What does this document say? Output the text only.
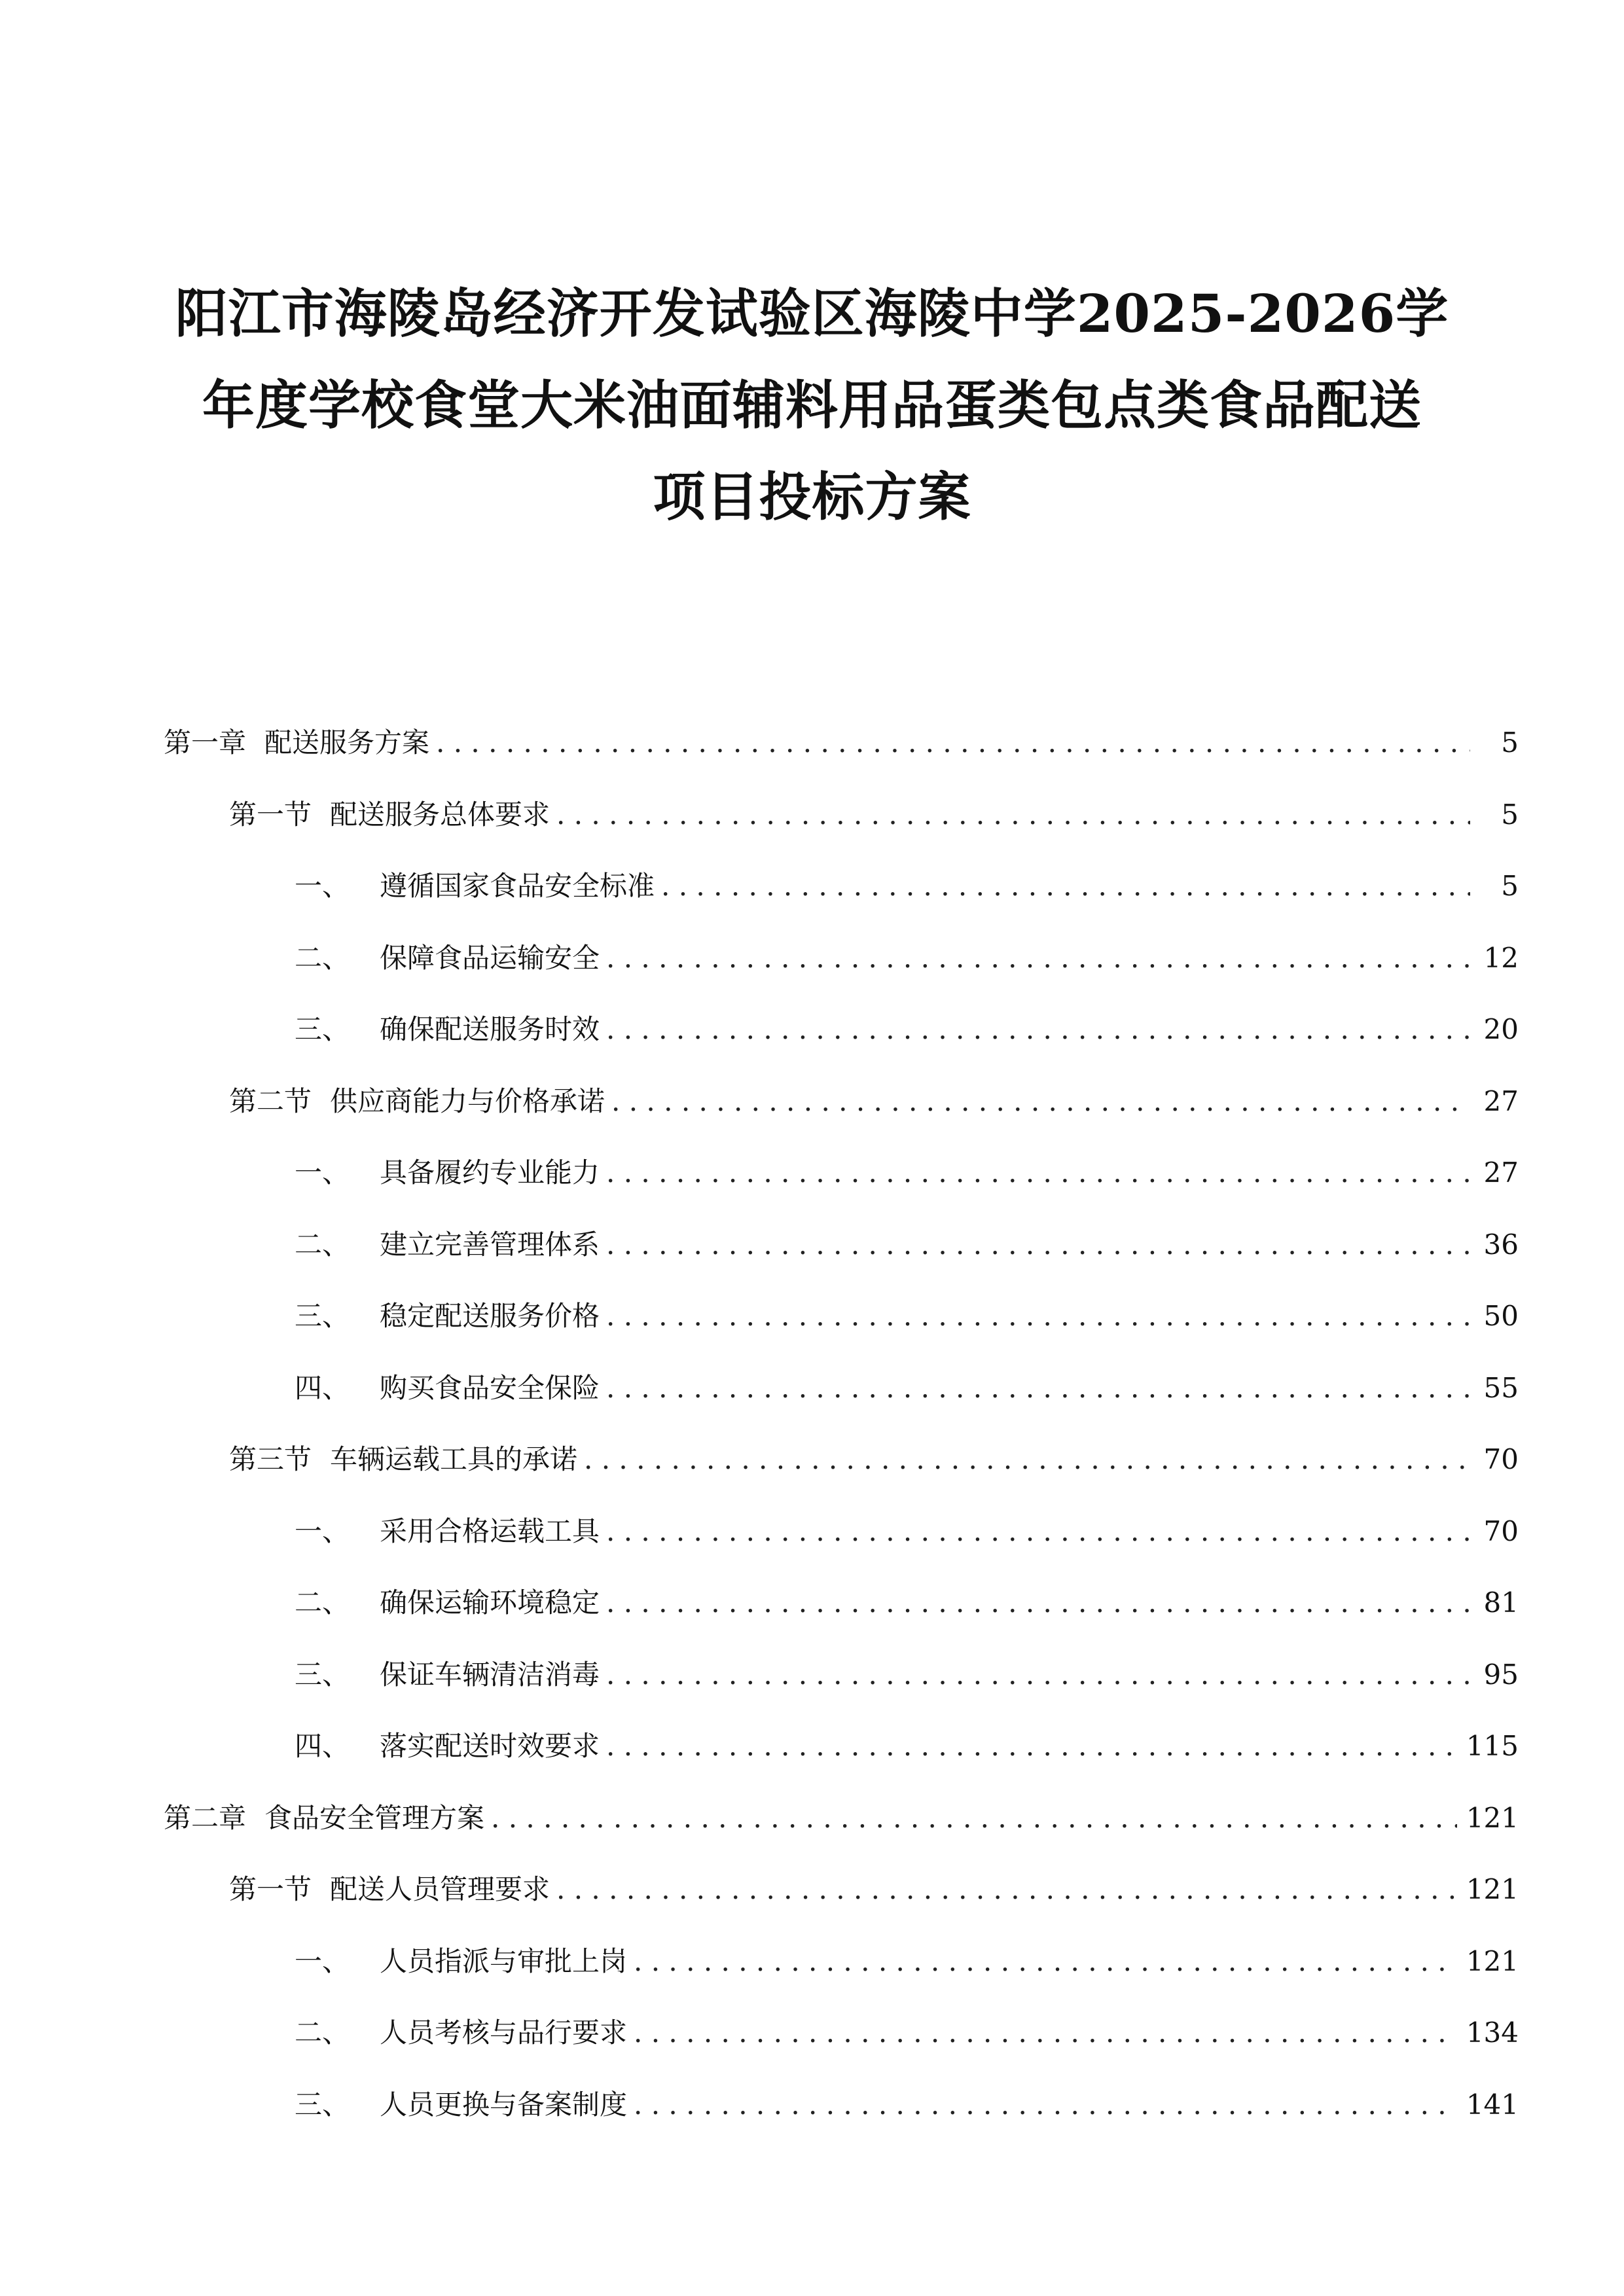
阳江市海陵岛经济开发试验区海陵中学2025-2026学
年度学校食堂大米油面辅料用品蛋类包点类食品配送
项目投标方案
第一章 配送服务方案 . . .	5
第一节 配送服务总体要求 . . .	5
一、	遵循国家食品安全标准 . . .	5
二、	保障食品运输安全 . . .	12
三、	确保配送服务时效 . . .	20
第二节 供应商能力与价格承诺 . . .	27
一、	具备履约专业能力 . . .	27
二、	建立完善管理体系 . . .	36
三、	稳定配送服务价格 . . .	50
四、	购买食品安全保险 . . .	55
第三节 车辆运载工具的承诺 . . .	70
一、	采用合格运载工具 . . .	70
二、	确保运输环境稳定 . . .	81
三、	保证车辆清洁消毒 . . .	95
四、	落实配送时效要求 . . .	115
第二章 食品安全管理方案 . . .	121
第一节 配送人员管理要求 . . .	121
一、	人员指派与审批上岗 . . .	121
二、	人员考核与品行要求 . . .	134
三、	人员更换与备案制度 . . .	141
